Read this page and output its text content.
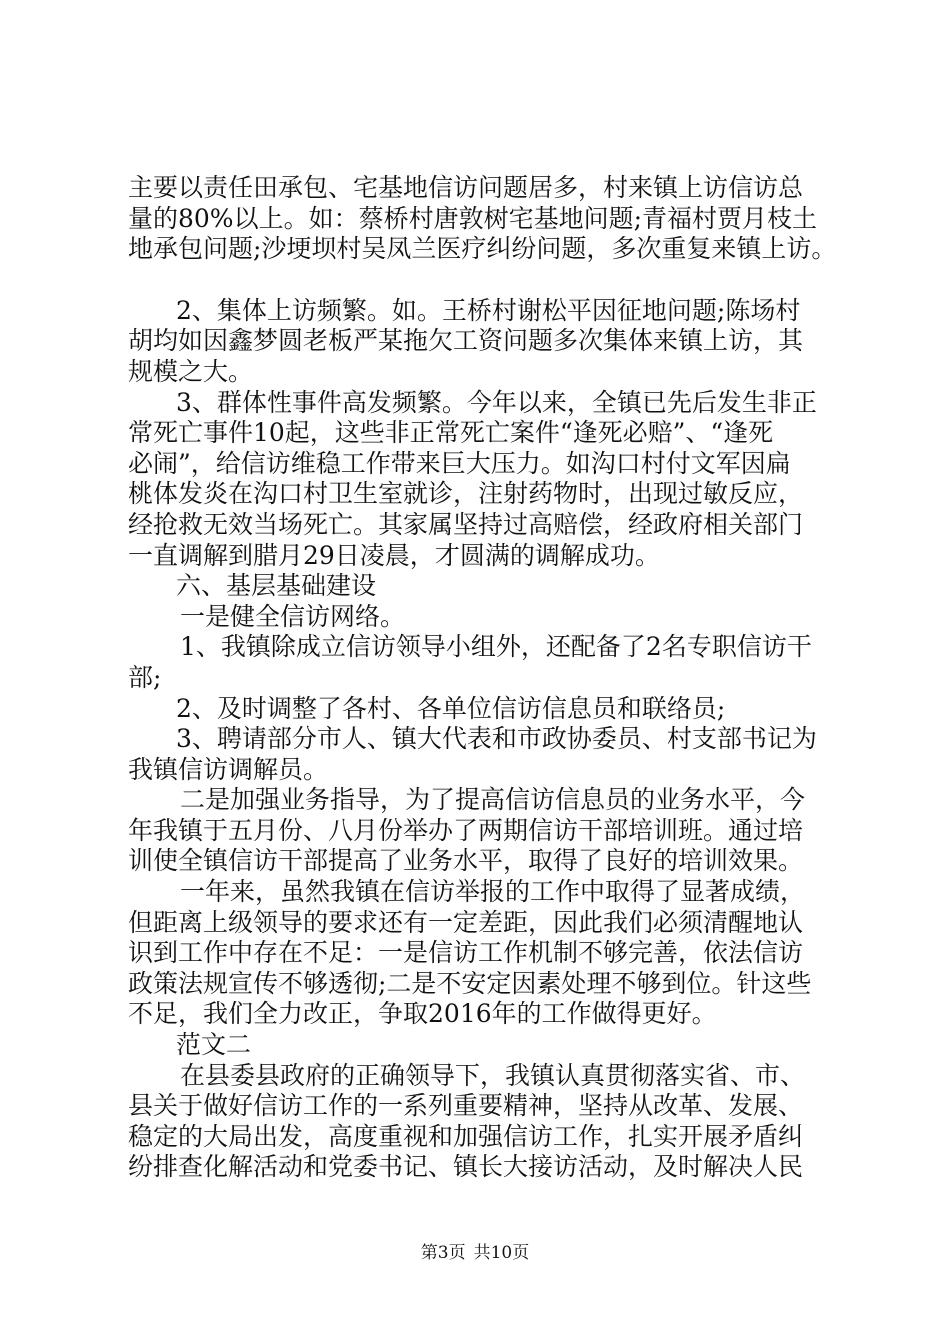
主要以责任田承包、宅基地信访问题居多，村来镇上访信访总
量的80%以上。如：蔡桥村唐敦树宅基地问题;青福村贾月枝土
地承包问题;沙埂坝村吴凤兰医疗纠纷问题，多次重复来镇上访。
2、集体上访频繁。如。王桥村谢松平因征地问题;陈场村
胡均如因鑫梦圆老板严某拖欠工资问题多次集体来镇上访，其
规模之大。
3、群体性事件高发频繁。今年以来，全镇已先后发生非正
常死亡事件10起，这些非正常死亡案件“逢死必赔”、“逢死
必闹”，给信访维稳工作带来巨大压力。如沟口村付文军因扁
桃体发炎在沟口村卫生室就诊，注射药物时，出现过敏反应，
经抢救无效当场死亡。其家属坚持过高赔偿，经政府相关部门
一直调解到腊月29日凌晨，才圆满的调解成功。
六、基层基础建设
一是健全信访网络。
1、我镇除成立信访领导小组外，还配备了2名专职信访干
部;
2、及时调整了各村、各单位信访信息员和联络员;
3、聘请部分市人、镇大代表和市政协委员、村支部书记为
我镇信访调解员。
二是加强业务指导，为了提高信访信息员的业务水平，今
年我镇于五月份、八月份举办了两期信访干部培训班。通过培
训使全镇信访干部提高了业务水平，取得了良好的培训效果。
一年来，虽然我镇在信访举报的工作中取得了显著成绩，
但距离上级领导的要求还有一定差距，因此我们必须清醒地认
识到工作中存在不足：一是信访工作机制不够完善，依法信访
政策法规宣传不够透彻;二是不安定因素处理不够到位。针这些
不足，我们全力改正，争取2016年的工作做得更好。
范文二
在县委县政府的正确领导下，我镇认真贯彻落实省、市、
县关于做好信访工作的一系列重要精神，坚持从改革、发展、
稳定的大局出发，高度重视和加强信访工作，扎实开展矛盾纠
纷排查化解活动和党委书记、镇长大接访活动，及时解决人民
第3页 共10页
